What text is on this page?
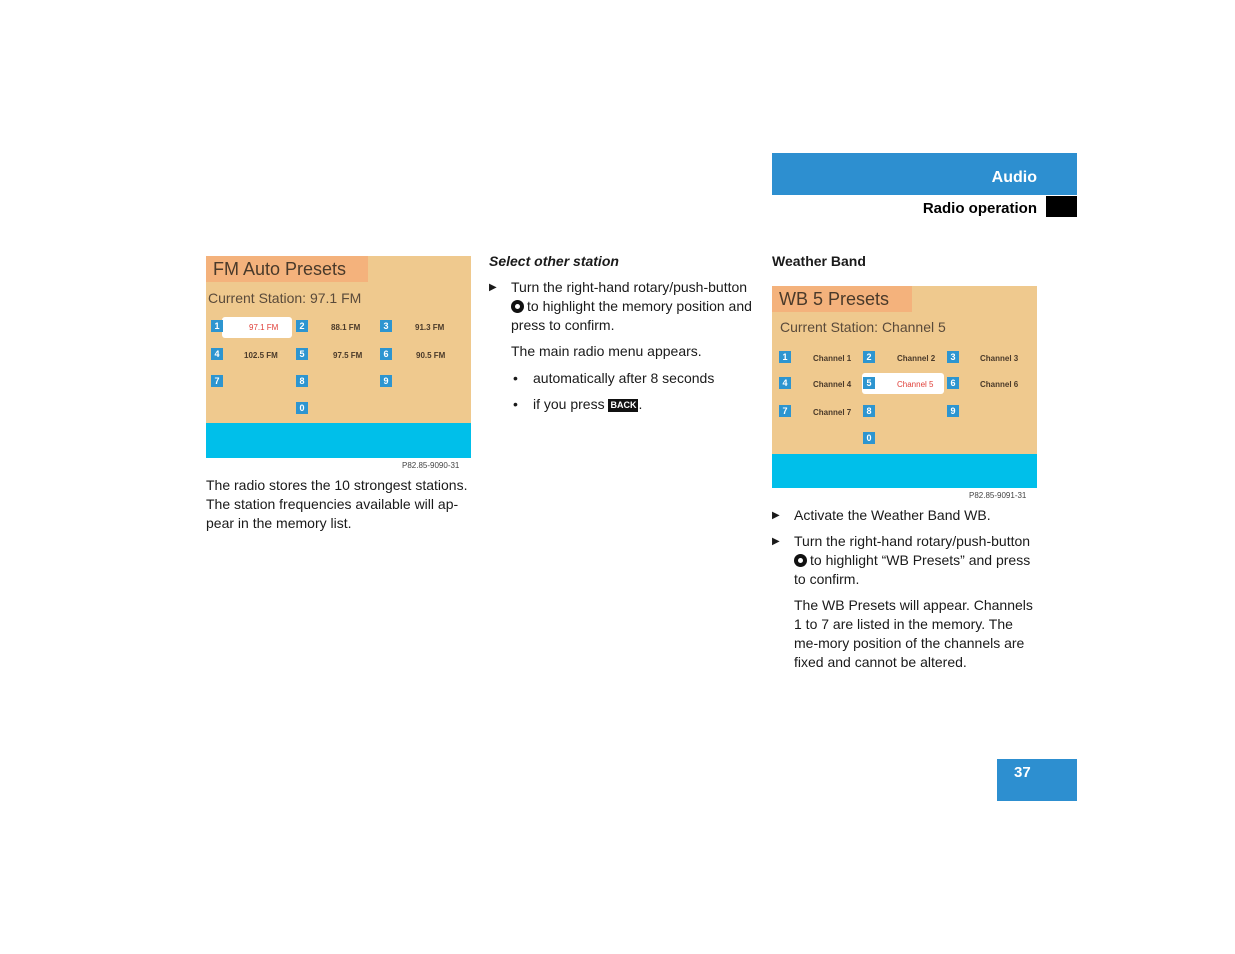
Audio
Radio operation
FM Auto Presets
Current Station: 97.1 FM
1	97.1 FM	2	88.1 FM	3	91.3 FM
4	102.5 FM	5	97.5 FM	6	90.5 FM
7	8	9
0
P82.85-9090-31
The radio stores the 10 strongest stations. The station frequencies available will ap-pear in the memory list.
Select other station
▶ Turn the right-hand rotary/push-button
to highlight the memory position and press to confirm.
The main radio menu appears.
• automatically after 8 seconds
• if you press BACK .
Weather Band
WB 5 Presets
Current Station: Channel 5
1	Channel 1	2	Channel 2	3	Channel 3
4	Channel 4	5	Channel 5	6	Channel 6
7	Channel 7	8	9
0
P82.85-9091-31
▶ Activate the Weather Band WB.
▶ Turn the right-hand rotary/push-button
to highlight “WB Presets” and press to confirm.
The WB Presets will appear. Channels 1 to 7 are listed in the memory. The me-mory position of the channels are fixed and cannot be altered.
37
